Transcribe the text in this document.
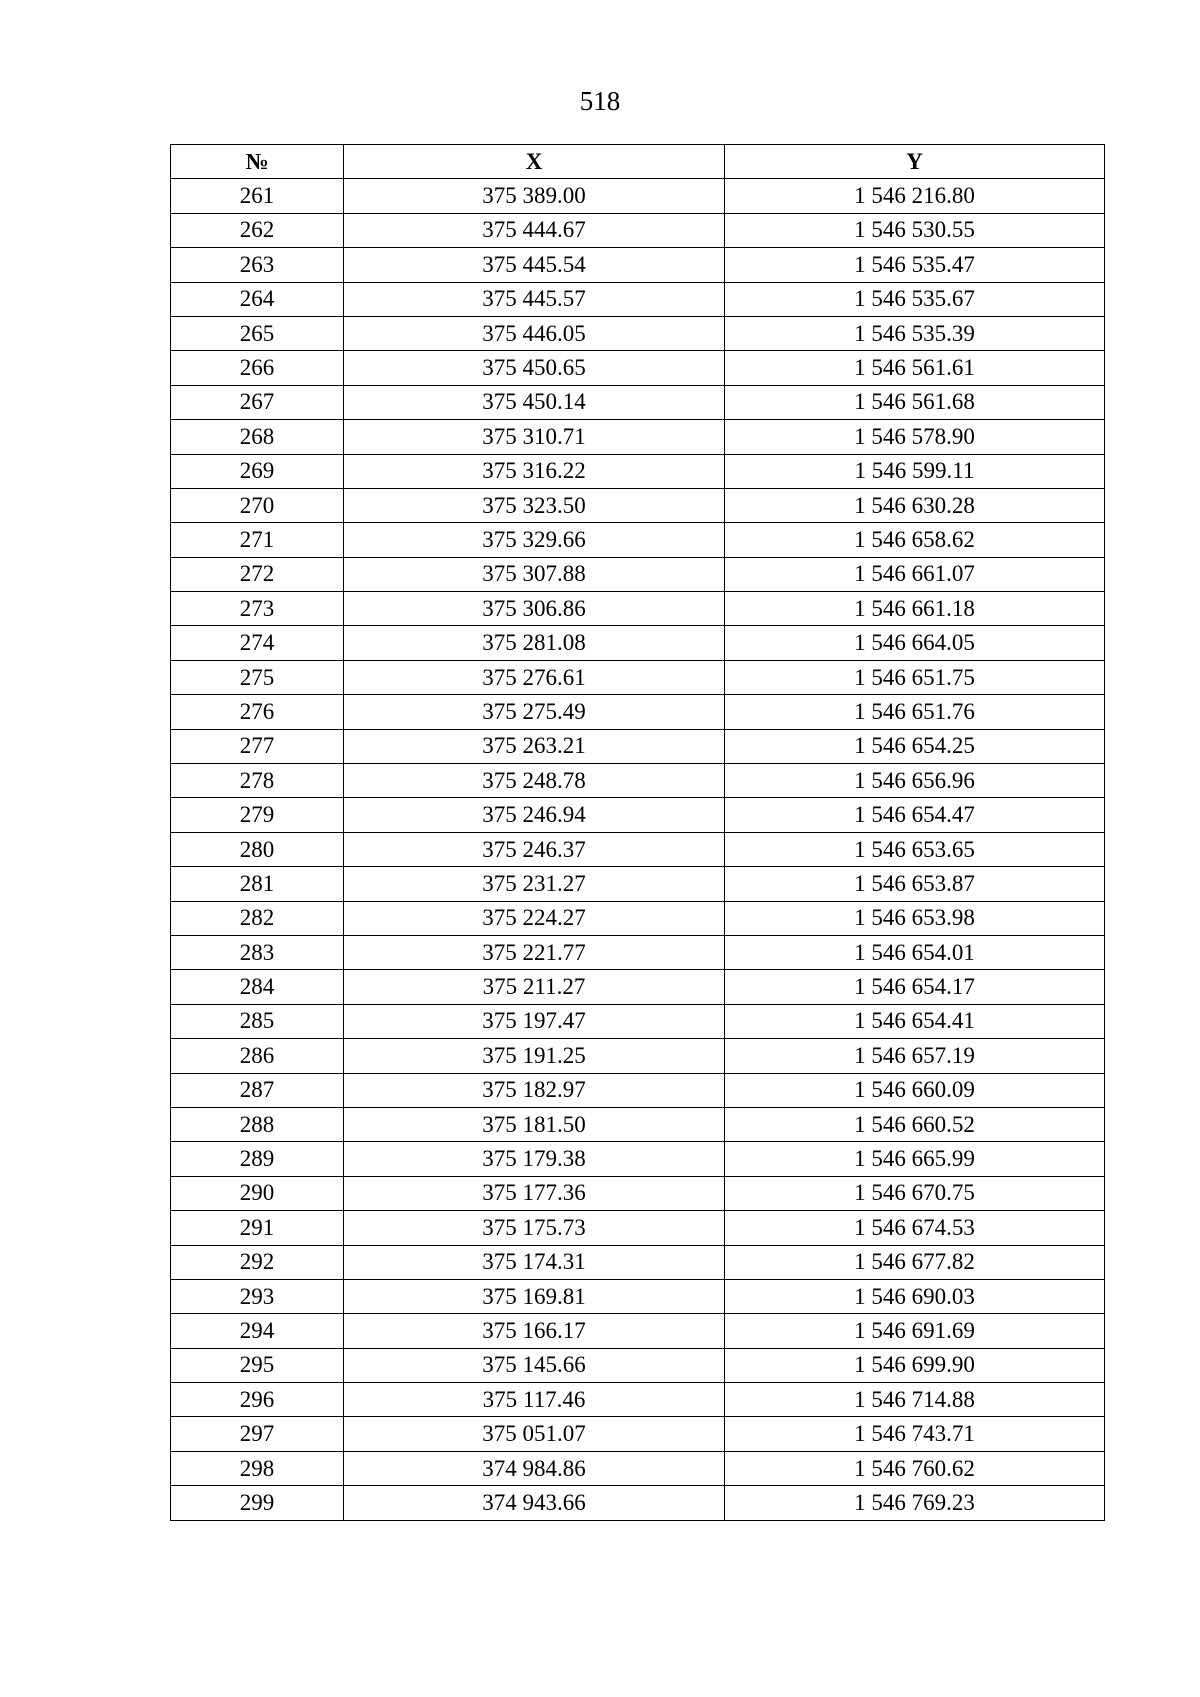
518
№	X	Y
261	375 389.00	1 546 216.80
262	375 444.67	1 546 530.55
263	375 445.54	1 546 535.47
264	375 445.57	1 546 535.67
265	375 446.05	1 546 535.39
266	375 450.65	1 546 561.61
267	375 450.14	1 546 561.68
268	375 310.71	1 546 578.90
269	375 316.22	1 546 599.11
270	375 323.50	1 546 630.28
271	375 329.66	1 546 658.62
272	375 307.88	1 546 661.07
273	375 306.86	1 546 661.18
274	375 281.08	1 546 664.05
275	375 276.61	1 546 651.75
276	375 275.49	1 546 651.76
277	375 263.21	1 546 654.25
278	375 248.78	1 546 656.96
279	375 246.94	1 546 654.47
280	375 246.37	1 546 653.65
281	375 231.27	1 546 653.87
282	375 224.27	1 546 653.98
283	375 221.77	1 546 654.01
284	375 211.27	1 546 654.17
285	375 197.47	1 546 654.41
286	375 191.25	1 546 657.19
287	375 182.97	1 546 660.09
288	375 181.50	1 546 660.52
289	375 179.38	1 546 665.99
290	375 177.36	1 546 670.75
291	375 175.73	1 546 674.53
292	375 174.31	1 546 677.82
293	375 169.81	1 546 690.03
294	375 166.17	1 546 691.69
295	375 145.66	1 546 699.90
296	375 117.46	1 546 714.88
297	375 051.07	1 546 743.71
298	374 984.86	1 546 760.62
299	374 943.66	1 546 769.23
